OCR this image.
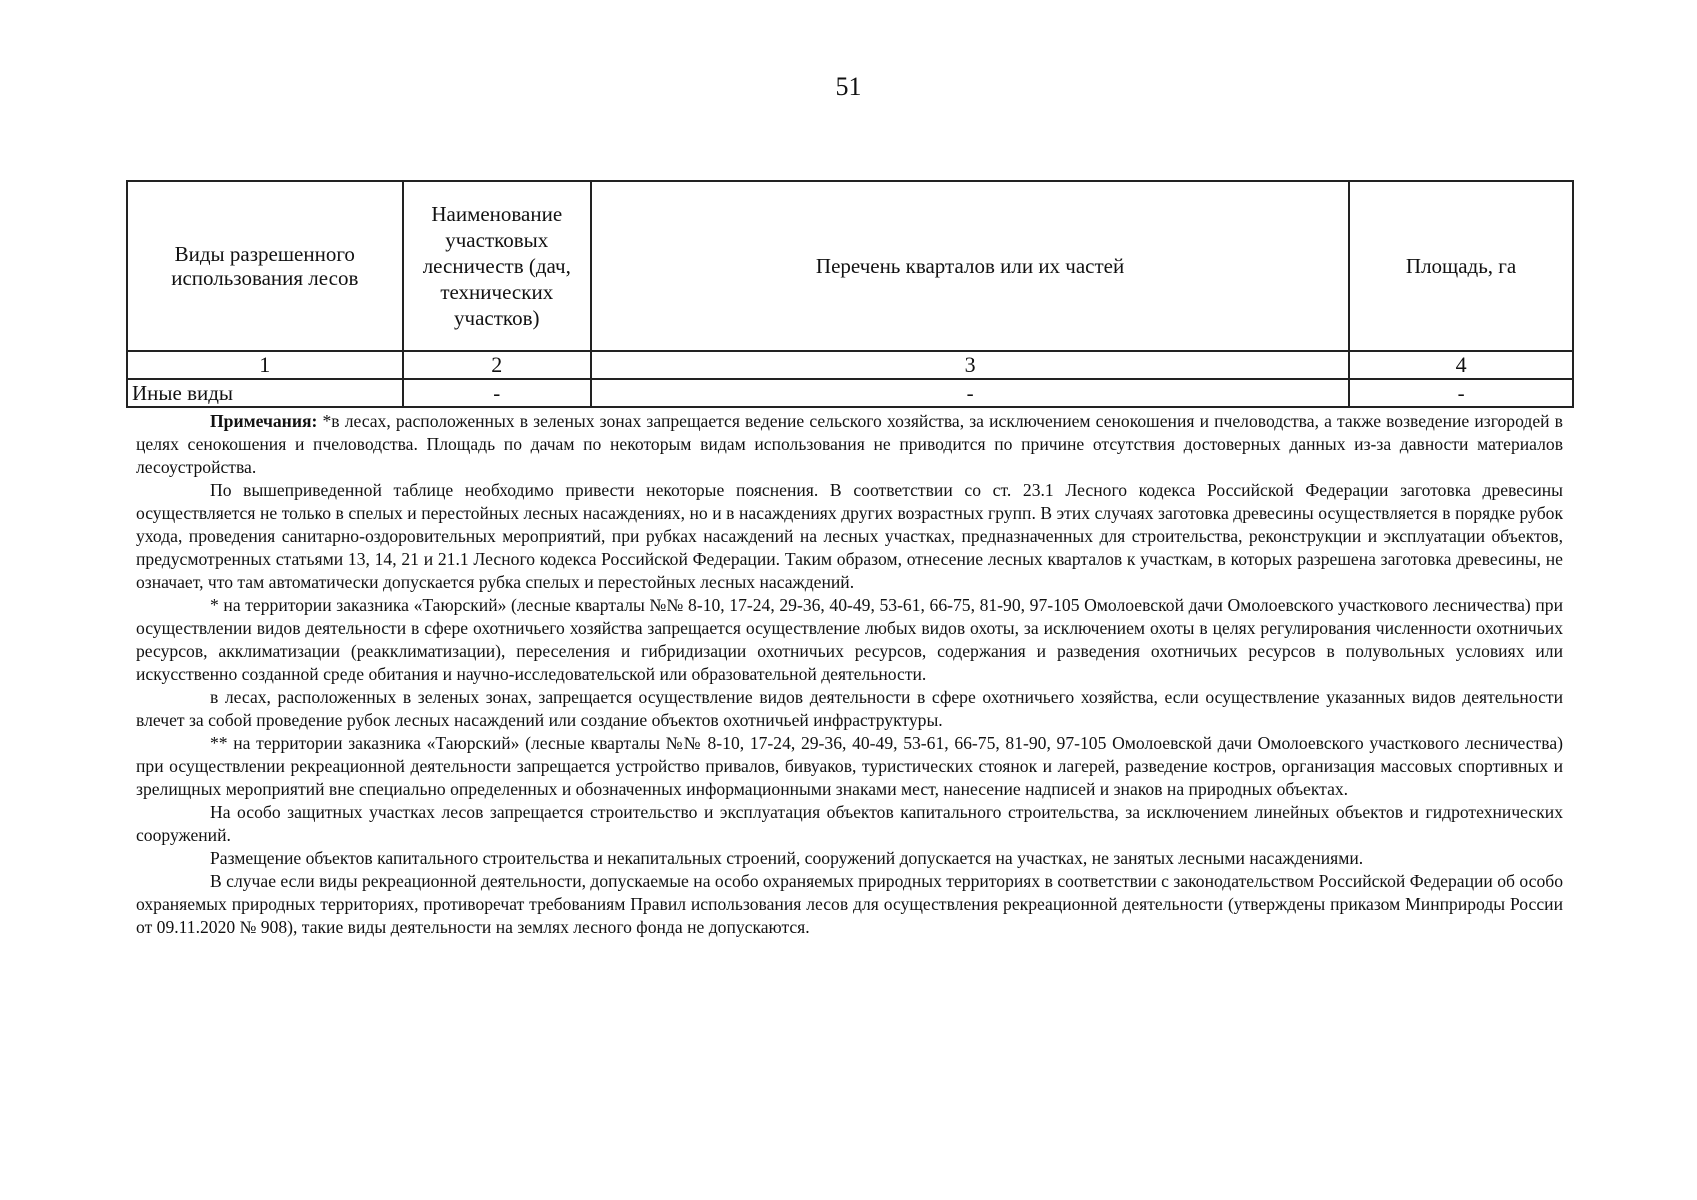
51
Виды разрешенного использования лесов	Наименование участковых лесничеств (дач, технических участков)	Перечень кварталов или их частей	Площадь, га
1	2	3	4
Иные виды	-	-	-

Примечания: *в лесах, расположенных в зеленых зонах запрещается ведение сельского хозяйства, за исключением сенокошения и пчеловодства, а также возведение изгородей в целях сенокошения и пчеловодства. Площадь по дачам по некоторым видам использования не приводится по причине отсутствия достоверных данных из-за давности материалов лесоустройства.

По вышеприведенной таблице необходимо привести некоторые пояснения. В соответствии со ст. 23.1 Лесного кодекса Российской Федерации заготовка древесины осуществляется не только в спелых и перестойных лесных насаждениях, но и в насаждениях других возрастных групп. В этих случаях заготовка древесины осуществляется в порядке рубок ухода, проведения санитарно-оздоровительных мероприятий, при рубках насаждений на лесных участках, предназначенных для строительства, реконструкции и эксплуатации объектов, предусмотренных статьями 13, 14, 21 и 21.1 Лесного кодекса Российской Федерации. Таким образом, отнесение лесных кварталов к участкам, в которых разрешена заготовка древесины, не означает, что там автоматически допускается рубка спелых и перестойных лесных насаждений.

* на территории заказника «Таюрский» (лесные кварталы №№ 8-10, 17-24, 29-36, 40-49, 53-61, 66-75, 81-90, 97-105 Омолоевской дачи Омолоевского участкового лесничества) при осуществлении видов деятельности в сфере охотничьего хозяйства запрещается осуществление любых видов охоты, за исключением охоты в целях регулирования численности охотничьих ресурсов, акклиматизации (реакклиматизации), переселения и гибридизации охотничьих ресурсов, содержания и разведения охотничьих ресурсов в полувольных условиях или искусственно созданной среде обитания и научно-исследовательской или образовательной деятельности.

в лесах, расположенных в зеленых зонах, запрещается осуществление видов деятельности в сфере охотничьего хозяйства, если осуществление указанных видов деятельности влечет за собой проведение рубок лесных насаждений или создание объектов охотничьей инфраструктуры.

** на территории заказника «Таюрский» (лесные кварталы №№ 8-10, 17-24, 29-36, 40-49, 53-61, 66-75, 81-90, 97-105 Омолоевской дачи Омолоевского участкового лесничества) при осуществлении рекреационной деятельности запрещается устройство привалов, бивуаков, туристических стоянок и лагерей, разведение костров, организация массовых спортивных и зрелищных мероприятий вне специально определенных и обозначенных информационными знаками мест, нанесение надписей и знаков на природных объектах.

На особо защитных участках лесов запрещается строительство и эксплуатация объектов капитального строительства, за исключением линейных объектов и гидротехнических сооружений.

Размещение объектов капитального строительства и некапитальных строений, сооружений допускается на участках, не занятых лесными насаждениями.

В случае если виды рекреационной деятельности, допускаемые на особо охраняемых природных территориях в соответствии с законодательством Российской Федерации об особо охраняемых природных территориях, противоречат требованиям Правил использования лесов для осуществления рекреационной деятельности (утверждены приказом Минприроды России от 09.11.2020 № 908), такие виды деятельности на землях лесного фонда не допускаются.
